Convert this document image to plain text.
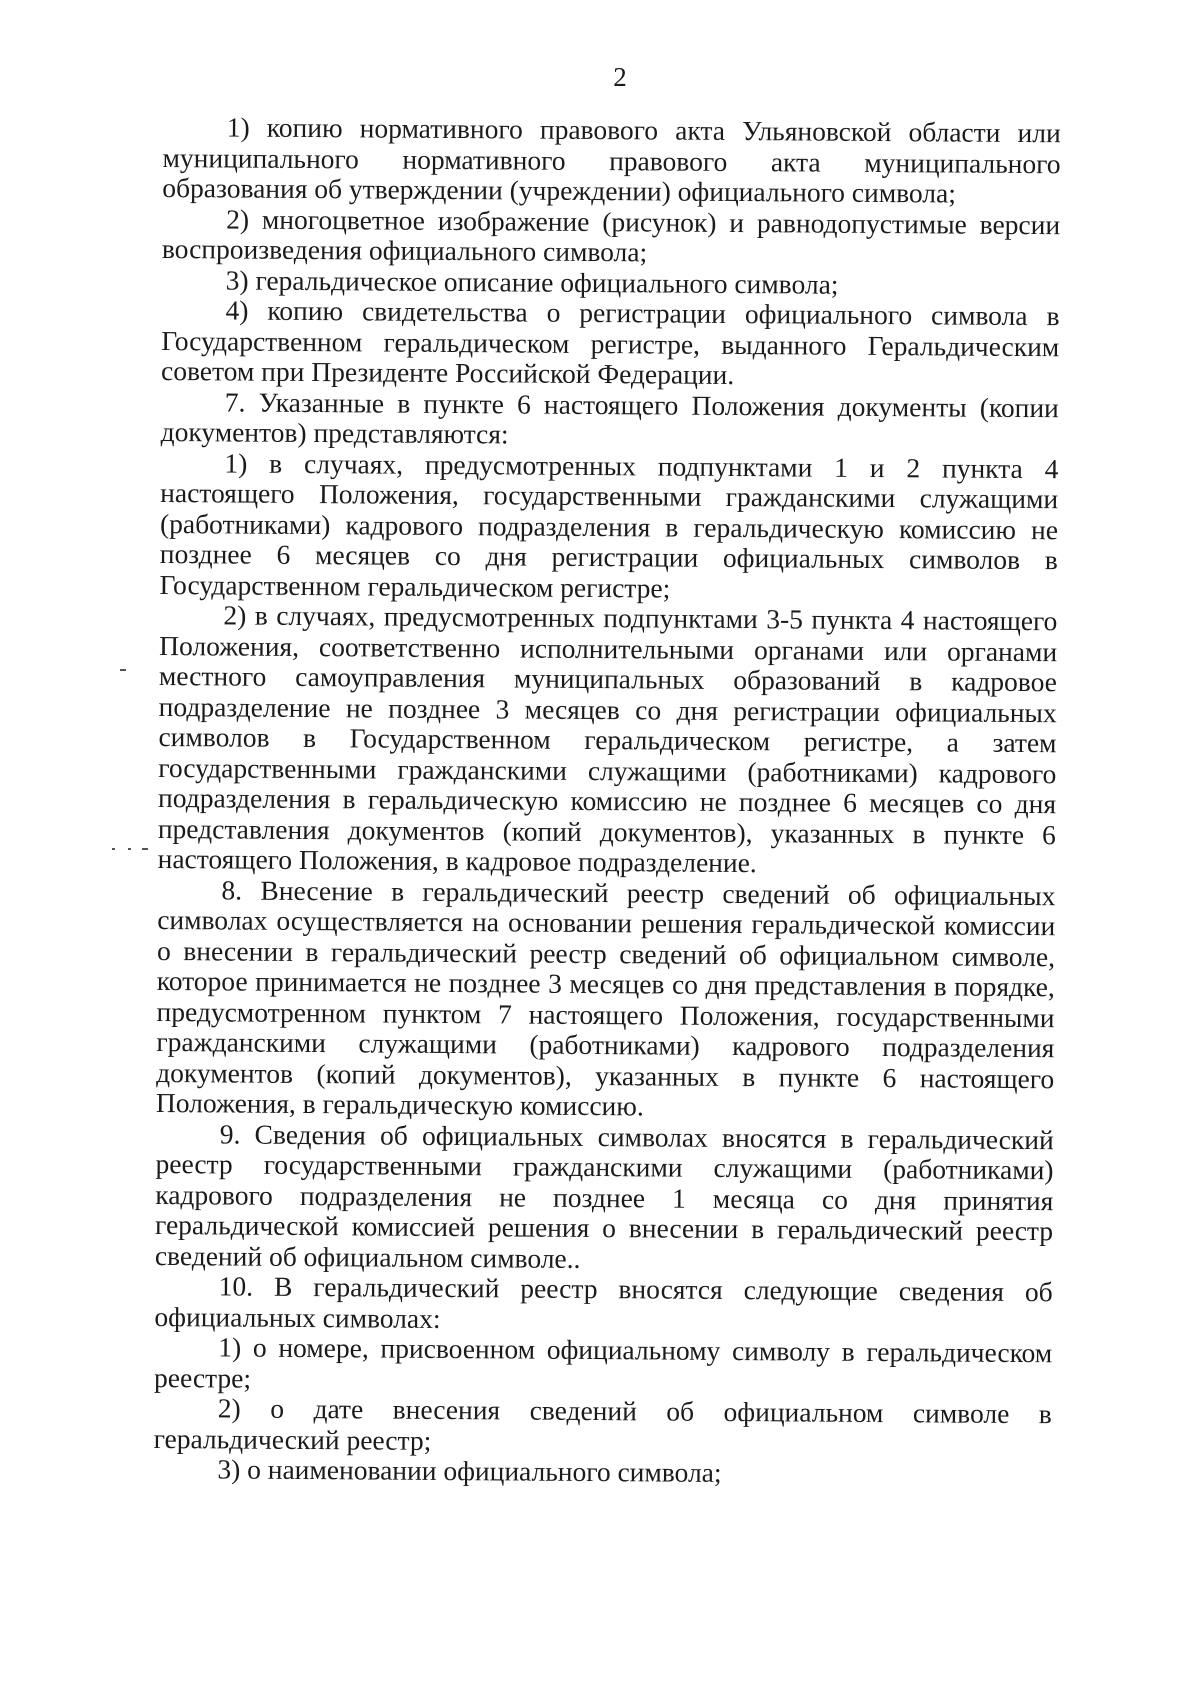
2

1) копию нормативного правового акта Ульяновской области или муниципального нормативного правового акта муниципального образования об утверждении (учреждении) официального символа;

2) многоцветное изображение (рисунок) и равнодопустимые версии воспроизведения официального символа;

3) геральдическое описание официального символа;

4) копию свидетельства о регистрации официального символа в Государственном геральдическом регистре, выданного Геральдическим советом при Президенте Российской Федерации.

7. Указанные в пункте 6 настоящего Положения документы (копии документов) представляются:

1) в случаях, предусмотренных подпунктами 1 и 2 пункта 4 настоящего Положения, государственными гражданскими служащими (работниками) кадрового подразделения в геральдическую комиссию не позднее 6 месяцев со дня регистрации официальных символов в Государственном геральдическом регистре;

2) в случаях, предусмотренных подпунктами 3-5 пункта 4 настоящего Положения, соответственно исполнительными органами или органами местного самоуправления муниципальных образований в кадровое подразделение не позднее 3 месяцев со дня регистрации официальных символов в Государственном геральдическом регистре, а затем государственными гражданскими служащими (работниками) кадрового подразделения в геральдическую комиссию не позднее 6 месяцев со дня представления документов (копий документов), указанных в пункте 6 настоящего Положения, в кадровое подразделение.

8. Внесение в геральдический реестр сведений об официальных символах осуществляется на основании решения геральдической комиссии о внесении в геральдический реестр сведений об официальном символе, которое принимается не позднее 3 месяцев со дня представления в порядке, предусмотренном пунктом 7 настоящего Положения, государственными гражданскими служащими (работниками) кадрового подразделения документов (копий документов), указанных в пункте 6 настоящего Положения, в геральдическую комиссию.

9. Сведения об официальных символах вносятся в геральдический реестр государственными гражданскими служащими (работниками) кадрового подразделения не позднее 1 месяца со дня принятия геральдической комиссией решения о внесении в геральдический реестр сведений об официальном символе..

10. В геральдический реестр вносятся следующие сведения об официальных символах:

1) о номере, присвоенном официальному символу в геральдическом реестре;

2) о дате внесения сведений об официальном символе в геральдический реестр;

3) о наименовании официального символа;
